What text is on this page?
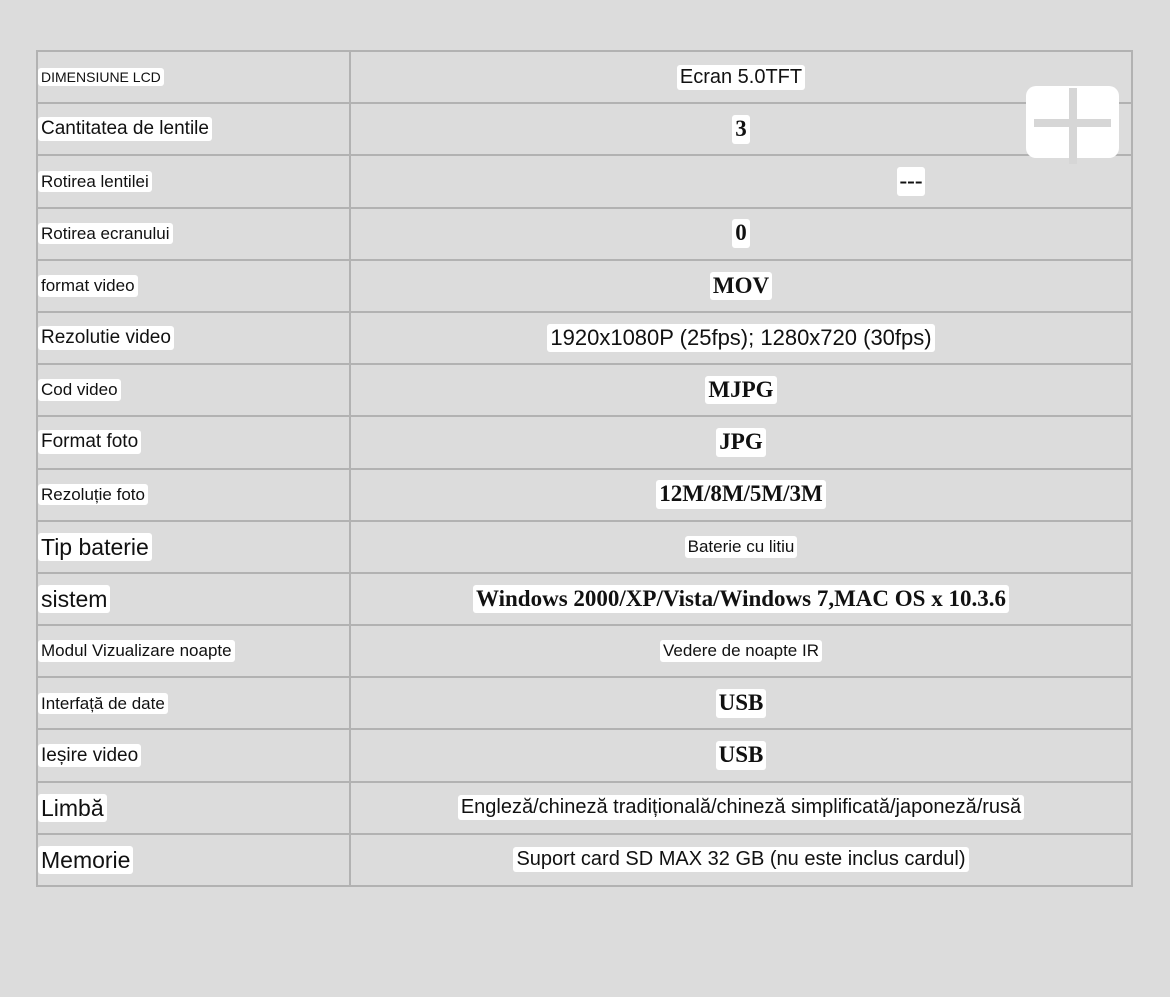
DIMENSIUNE LCD	Ecran 5.0TFT
Cantitatea de lentile	3
Rotirea lentilei	---
Rotirea ecranului	0
format video	MOV
Rezolutie video	1920x1080P (25fps); 1280x720 (30fps)
Cod video	MJPG
Format foto	JPG
Rezoluție foto	12M/8M/5M/3M
Tip baterie	Baterie cu litiu
sistem	Windows 2000/XP/Vista/Windows 7,MAC OS x 10.3.6
Modul Vizualizare noapte	Vedere de noapte IR
Interfață de date	USB
Ieșire video	USB
Limbă	Engleză/chineză tradițională/chineză simplificată/japoneză/rusă
Memorie	Suport card SD MAX 32 GB (nu este inclus cardul)
